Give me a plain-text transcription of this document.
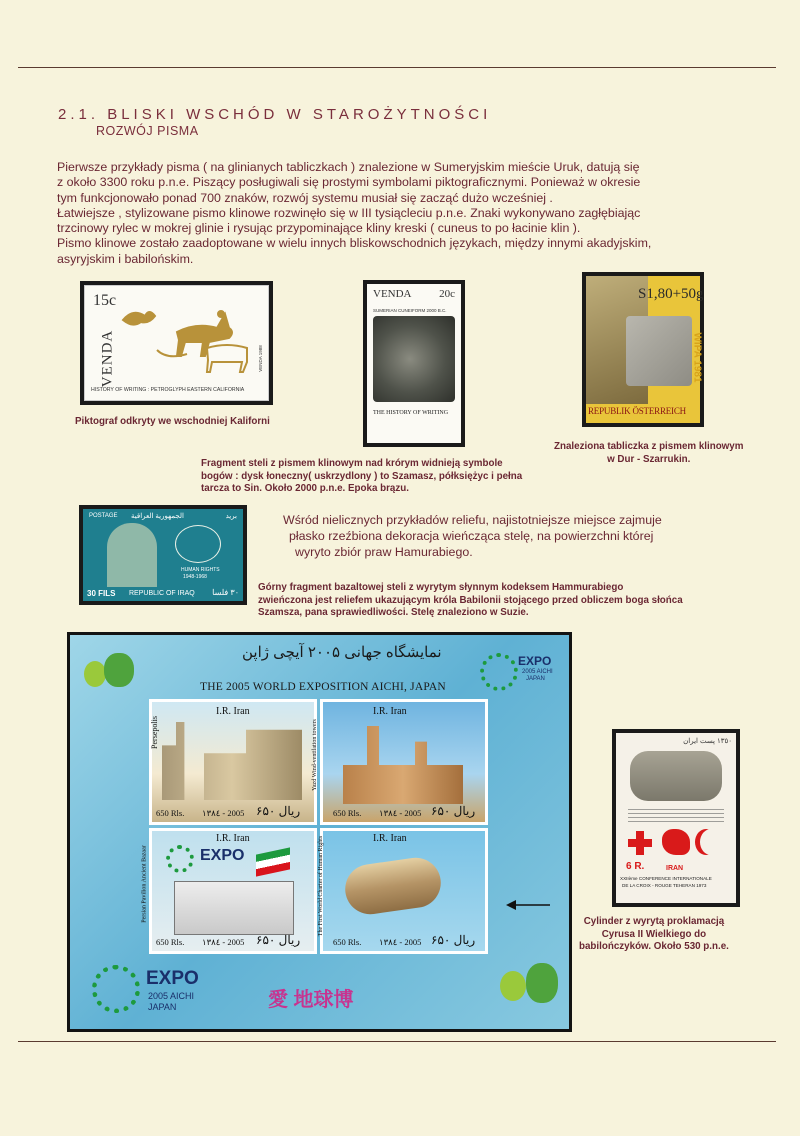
2.1. BLISKI WSCHÓD W STAROŻYTNOŚCI
ROZWÓJ PISMA
Pierwsze przykłady pisma ( na glinianych tabliczkach ) znalezione w Sumeryjskim mieście Uruk, datują się
z około 3300 roku p.n.e. Piszący posługiwali się prostymi symbolami piktograficznymi. Ponieważ w okresie
tym funkcjonowało ponad 700 znaków, rozwój systemu musiał się zacząć dużo wcześniej .
Łatwiejsze , stylizowane pismo klinowe rozwinęło się w III tysiącleciu p.n.e. Znaki wykonywano zagłębiając
trzcinowy rylec w mokrej glinie i rysując przypominające kliny kreski ( cuneus to po łacinie klin ).
Pismo klinowe zostało zaadoptowane w wielu innych bliskowschodnich językach, między innymi akadyjskim,
asyryjskim i babilońskim.
15c
VENDA
HISTORY OF WRITING : PETROGLYPH EASTERN CALIFORNIA
VENDA 1988
Piktograf odkryty we wschodniej Kaliforni
VENDA	20c
SUMERIAN CUNEIFORM 2000 B.C.
THE HISTORY OF WRITING
S1,80+50g
WIPA 1981
REPUBLIK ÖSTERREICH
Znaleziona tabliczka z pismem klinowym
w Dur - Szarrukin.
Fragment steli z pismem klinowym nad krórym widnieją symbole
bogów : dysk łoneczny( uskrzydlony ) to Szamasz, półksiężyc i pełna
tarcza to Sin. Około 2000 p.n.e. Epoka brązu.
POSTAGE الجمهورية العراقية	بريد
HUMAN RIGHTS
1948-1968
30 FILS REPUBLIC OF IRAQ ٣٠ فلسا
Wśród nielicznych przykładów reliefu, najistotniejsze miejsce zajmuje
płasko rzeźbiona dekoracja wieńcząca stelę, na powierzchni której
wyryto zbiór praw Hamurabiego.
Górny fragment bazaltowej steli z wyrytym słynnym kodeksem Hammurabiego
zwieńczona jest reliefem ukazującym króla Babilonii stojącego przed obliczem boga słońca
Szamsza, pana sprawiedliwości. Stelę znaleziono w Suzie.
نمایشگاه جهانی ۲۰۰۵ آیچی ژاپن
THE 2005 WORLD EXPOSITION AICHI, JAPAN
EXPO
2005 AICHI
JAPAN
I.R. Iran
Persepolis
650 Rls. ١٣٨٤ - 2005 ۶۵۰ ریال
I.R. Iran
Yazd Wind-ventilation towers
650 Rls. ١٣٨٤ - 2005 ۶۵۰ ریال
EXPO
I.R. Iran
Persian Pavilion Ancient Bazaar
650 Rls. ١٣٨٤ - 2005 ۶۵۰ ریال
I.R. Iran
The First World Charter of Human Rights
650 Rls. ١٣٨٤ - 2005 ۶۵۰ ریال
EXPO
2005 AICHI
JAPAN	愛 地球博
١٣٥٠ پست ایران
6 R.	IRAN
XXIIème CONFERENCE INTERNATIONALE
DE LA CROIX - ROUGE TEHERAN 1973
Cylinder z wyrytą proklamacją
Cyrusa II Wielkiego do
babilończyków. Około 530 p.n.e.
